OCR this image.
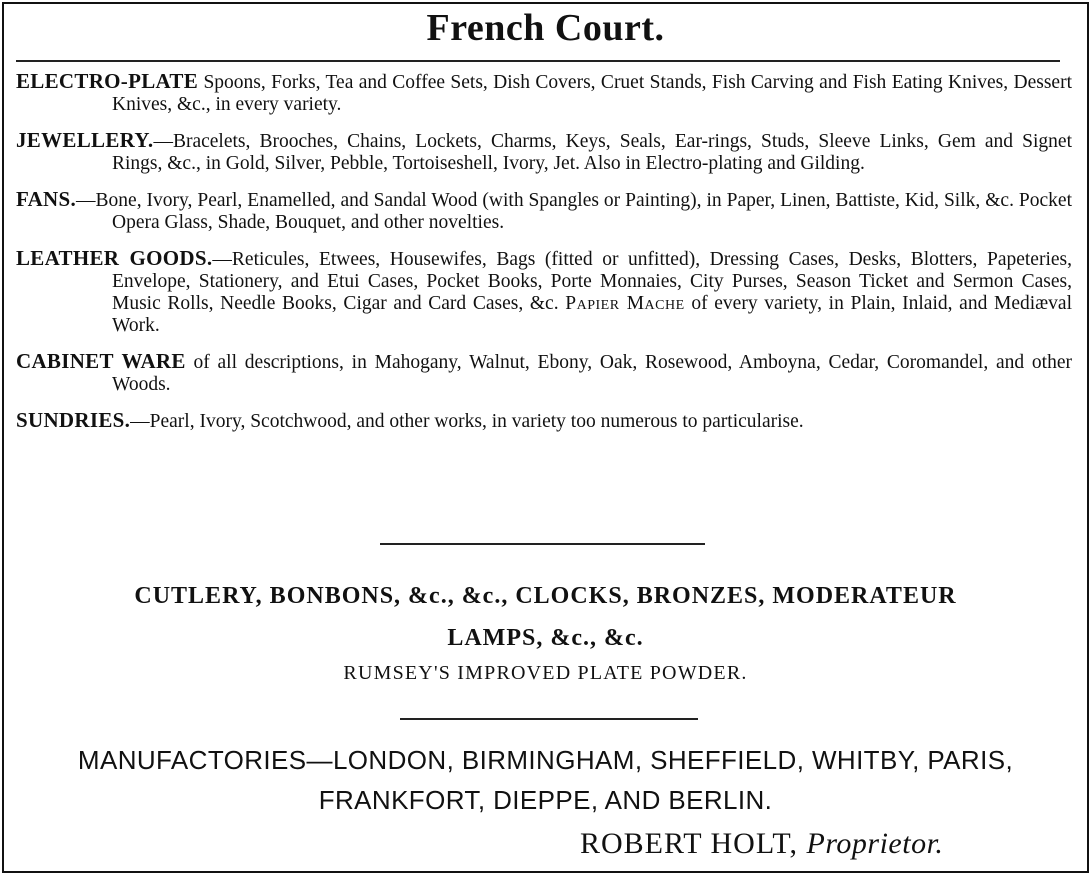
French Court.
ELECTRO-PLATE Spoons, Forks, Tea and Coffee Sets, Dish Covers, Cruet Stands, Fish Carving and Fish Eating Knives, Dessert Knives, &c., in every variety.
JEWELLERY.—Bracelets, Brooches, Chains, Lockets, Charms, Keys, Seals, Ear-rings, Studs, Sleeve Links, Gem and Signet Rings, &c., in Gold, Silver, Pebble, Tortoiseshell, Ivory, Jet. Also in Electro-plating and Gilding.
FANS.—Bone, Ivory, Pearl, Enamelled, and Sandal Wood (with Spangles or Painting), in Paper, Linen, Battiste, Kid, Silk, &c. Pocket Opera Glass, Shade, Bouquet, and other novelties.
LEATHER GOODS.—Reticules, Etwees, Housewifes, Bags (fitted or unfitted), Dressing Cases, Desks, Blotters, Papeteries, Envelope, Stationery, and Etui Cases, Pocket Books, Porte Monnaies, City Purses, Season Ticket and Sermon Cases, Music Rolls, Needle Books, Cigar and Card Cases, &c. Papier Mache of every variety, in Plain, Inlaid, and Mediæval Work.
CABINET WARE of all descriptions, in Mahogany, Walnut, Ebony, Oak, Rosewood, Amboyna, Cedar, Coromandel, and other Woods.
SUNDRIES.—Pearl, Ivory, Scotchwood, and other works, in variety too numerous to particularise.
CUTLERY, BONBONS, &c., &c., CLOCKS, BRONZES, MODERATEUR
LAMPS, &c., &c.
RUMSEY'S IMPROVED PLATE POWDER.
MANUFACTORIES—LONDON, BIRMINGHAM, SHEFFIELD, WHITBY, PARIS,
FRANKFORT, DIEPPE, AND BERLIN.
ROBERT HOLT, Proprietor.
